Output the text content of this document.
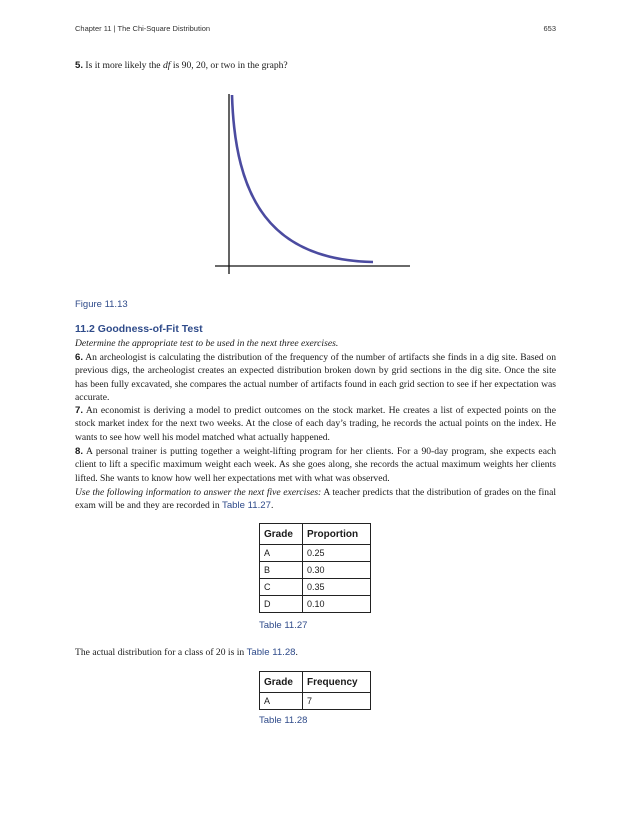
Chapter 11 | The Chi-Square Distribution	653
5. Is it more likely the df is 90, 20, or two in the graph?
Figure 11.13
11.2 Goodness-of-Fit Test
Determine the appropriate test to be used in the next three exercises.
6. An archeologist is calculating the distribution of the frequency of the number of artifacts she finds in a dig site. Based on previous digs, the archeologist creates an expected distribution broken down by grid sections in the dig site. Once the site has been fully excavated, she compares the actual number of artifacts found in each grid section to see if her expectation was accurate.
7. An economist is deriving a model to predict outcomes on the stock market. He creates a list of expected points on the stock market index for the next two weeks. At the close of each day’s trading, he records the actual points on the index. He wants to see how well his model matched what actually happened.
8. A personal trainer is putting together a weight-lifting program for her clients. For a 90-day program, she expects each client to lift a specific maximum weight each week. As she goes along, she records the actual maximum weights her clients lifted. She wants to know how well her expectations met with what was observed.
Use the following information to answer the next five exercises: A teacher predicts that the distribution of grades on the final exam will be and they are recorded in Table 11.27.
Grade	Proportion
A	0.25
B	0.30
C	0.35
D	0.10
Table 11.27
The actual distribution for a class of 20 is in Table 11.28.
Grade	Frequency
A	7
Table 11.28
